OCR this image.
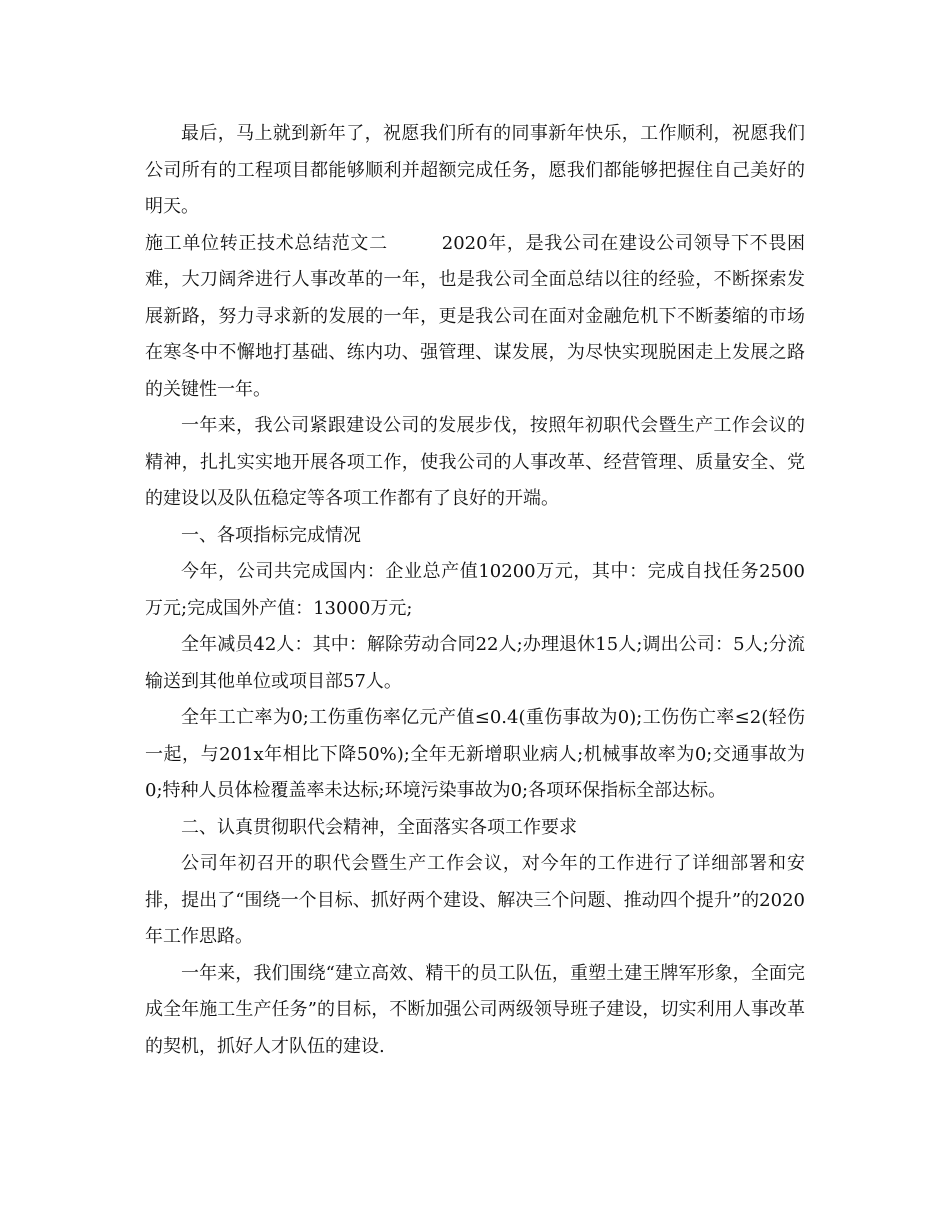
最后，马上就到新年了，祝愿我们所有的同事新年快乐，工作顺利，祝愿我们公司所有的工程项目都能够顺利并超额完成任务，愿我们都能够把握住自己美好的明天。

施工单位转正技术总结范文二	2020年，是我公司在建设公司领导下不畏困难，大刀阔斧进行人事改革的一年，也是我公司全面总结以往的经验，不断探索发展新路，努力寻求新的发展的一年，更是我公司在面对金融危机下不断萎缩的市场在寒冬中不懈地打基础、练内功、强管理、谋发展，为尽快实现脱困走上发展之路的关键性一年。

一年来，我公司紧跟建设公司的发展步伐，按照年初职代会暨生产工作会议的精神，扎扎实实地开展各项工作，使我公司的人事改革、经营管理、质量安全、党的建设以及队伍稳定等各项工作都有了良好的开端。

一、各项指标完成情况

今年，公司共完成国内：企业总产值10200万元，其中：完成自找任务2500万元;完成国外产值：13000万元;

全年减员42人：其中：解除劳动合同22人;办理退休15人;调出公司：5人;分流输送到其他单位或项目部57人。

全年工亡率为0;工伤重伤率亿元产值≤0.4(重伤事故为0);工伤伤亡率≤2(轻伤一起，与201x年相比下降50%);全年无新增职业病人;机械事故率为0;交通事故为0;特种人员体检覆盖率未达标;环境污染事故为0;各项环保指标全部达标。

二、认真贯彻职代会精神，全面落实各项工作要求

公司年初召开的职代会暨生产工作会议，对今年的工作进行了详细部署和安排，提出了“围绕一个目标、抓好两个建设、解决三个问题、推动四个提升”的2020年工作思路。

一年来，我们围绕“建立高效、精干的员工队伍，重塑土建王牌军形象，全面完成全年施工生产任务”的目标，不断加强公司两级领导班子建设，切实利用人事改革的契机，抓好人才队伍的建设.
